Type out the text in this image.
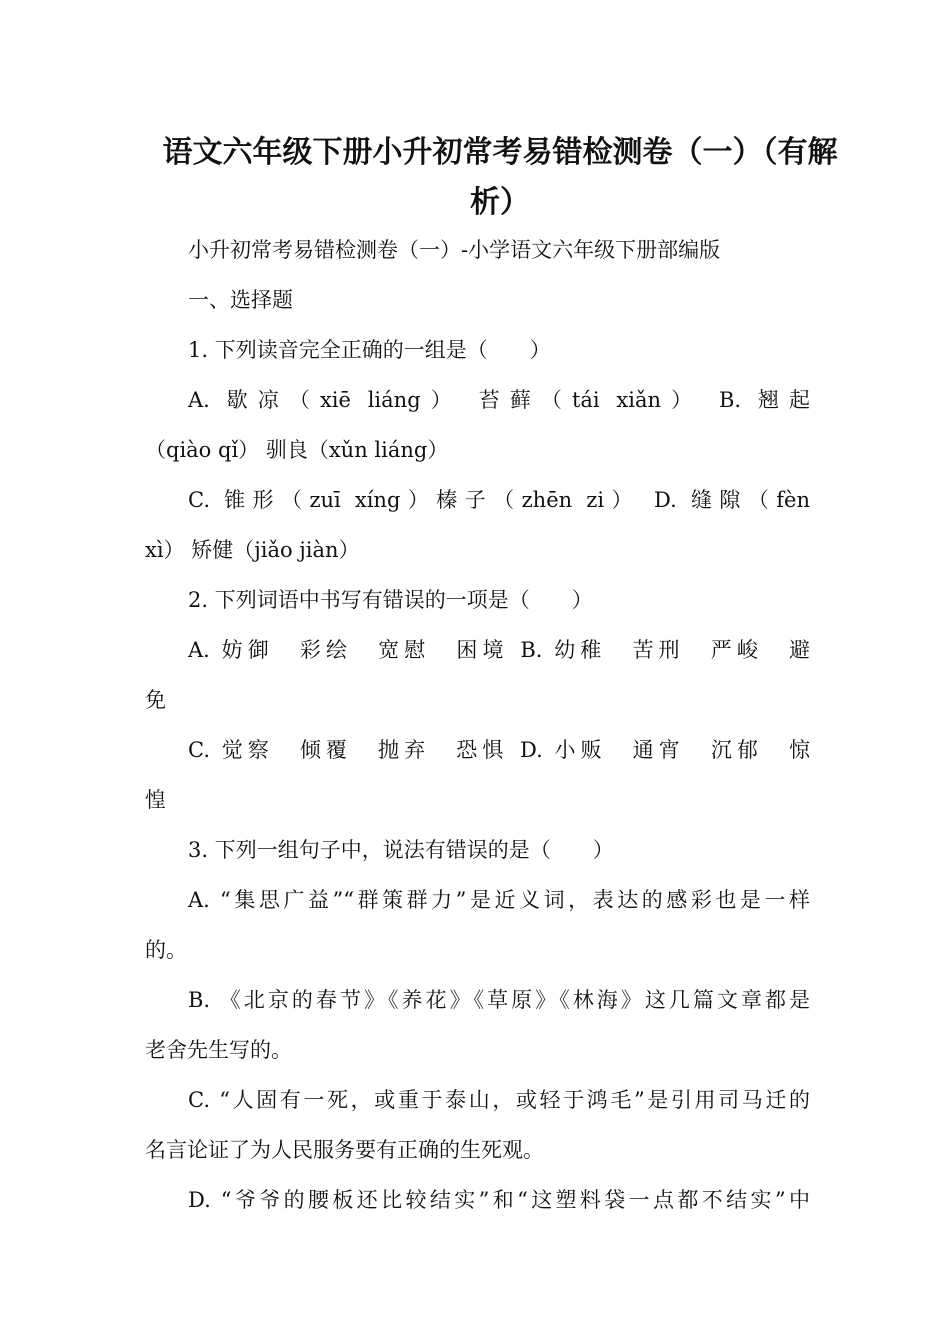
语文六年级下册小升初常考易错检测卷（一）（有解
析）
小升初常考易错检测卷（一）-小学语文六年级下册部编版
一、选择题
1. 下列读音完全正确的一组是（　　）
A. 歇凉（xiē liáng） 苔藓（tái xiǎn） B. 翘起
（qiào qǐ） 驯良（xǔn liáng）
C. 锥形（zuī xíng）榛子（zhēn zi） D. 缝隙（fèn
xì） 矫健（jiǎo jiàn）
2. 下列词语中书写有错误的一项是（　　）
A. 妨御　彩绘　宽慰　困境 B. 幼稚　苦刑　严峻　避
免
C. 觉察　倾覆　抛弃　恐惧 D. 小贩　通宵　沉郁　惊
惶
3. 下列一组句子中，说法有错误的是（　　）
A. “集思广益”“群策群力”是近义词，表达的感彩也是一样
的。
B. 《北京的春节》《养花》《草原》《林海》这几篇文章都是
老舍先生写的。
C. “人固有一死，或重于泰山，或轻于鸿毛”是引用司马迁的
名言论证了为人民服务要有正确的生死观。
D. “爷爷的腰板还比较结实”和“这塑料袋一点都不结实”中
